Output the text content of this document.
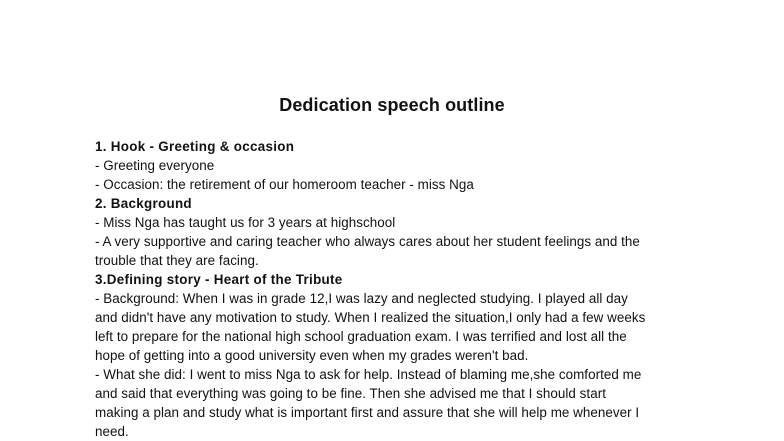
Dedication speech outline
1. Hook - Greeting & occasion
- Greeting everyone
- Occasion: the retirement of our homeroom teacher - miss Nga
2. Background
- Miss Nga has taught us for 3 years at highschool
- A very supportive and caring teacher who always cares about her student feelings and the
trouble that they are facing.
3.Defining story - Heart of the Tribute
- Background: When I was in grade 12,I was lazy and neglected studying. I played all day
and didn't have any motivation to study. When I realized the situation,I only had a few weeks
left to prepare for the national high school graduation exam. I was terrified and lost all the
hope of getting into a good university even when my grades weren't bad.
- What she did: I went to miss Nga to ask for help. Instead of blaming me,she comforted me
and said that everything was going to be fine. Then she advised me that I should start
making a plan and study what is important first and assure that she will help me whenever I
need.
